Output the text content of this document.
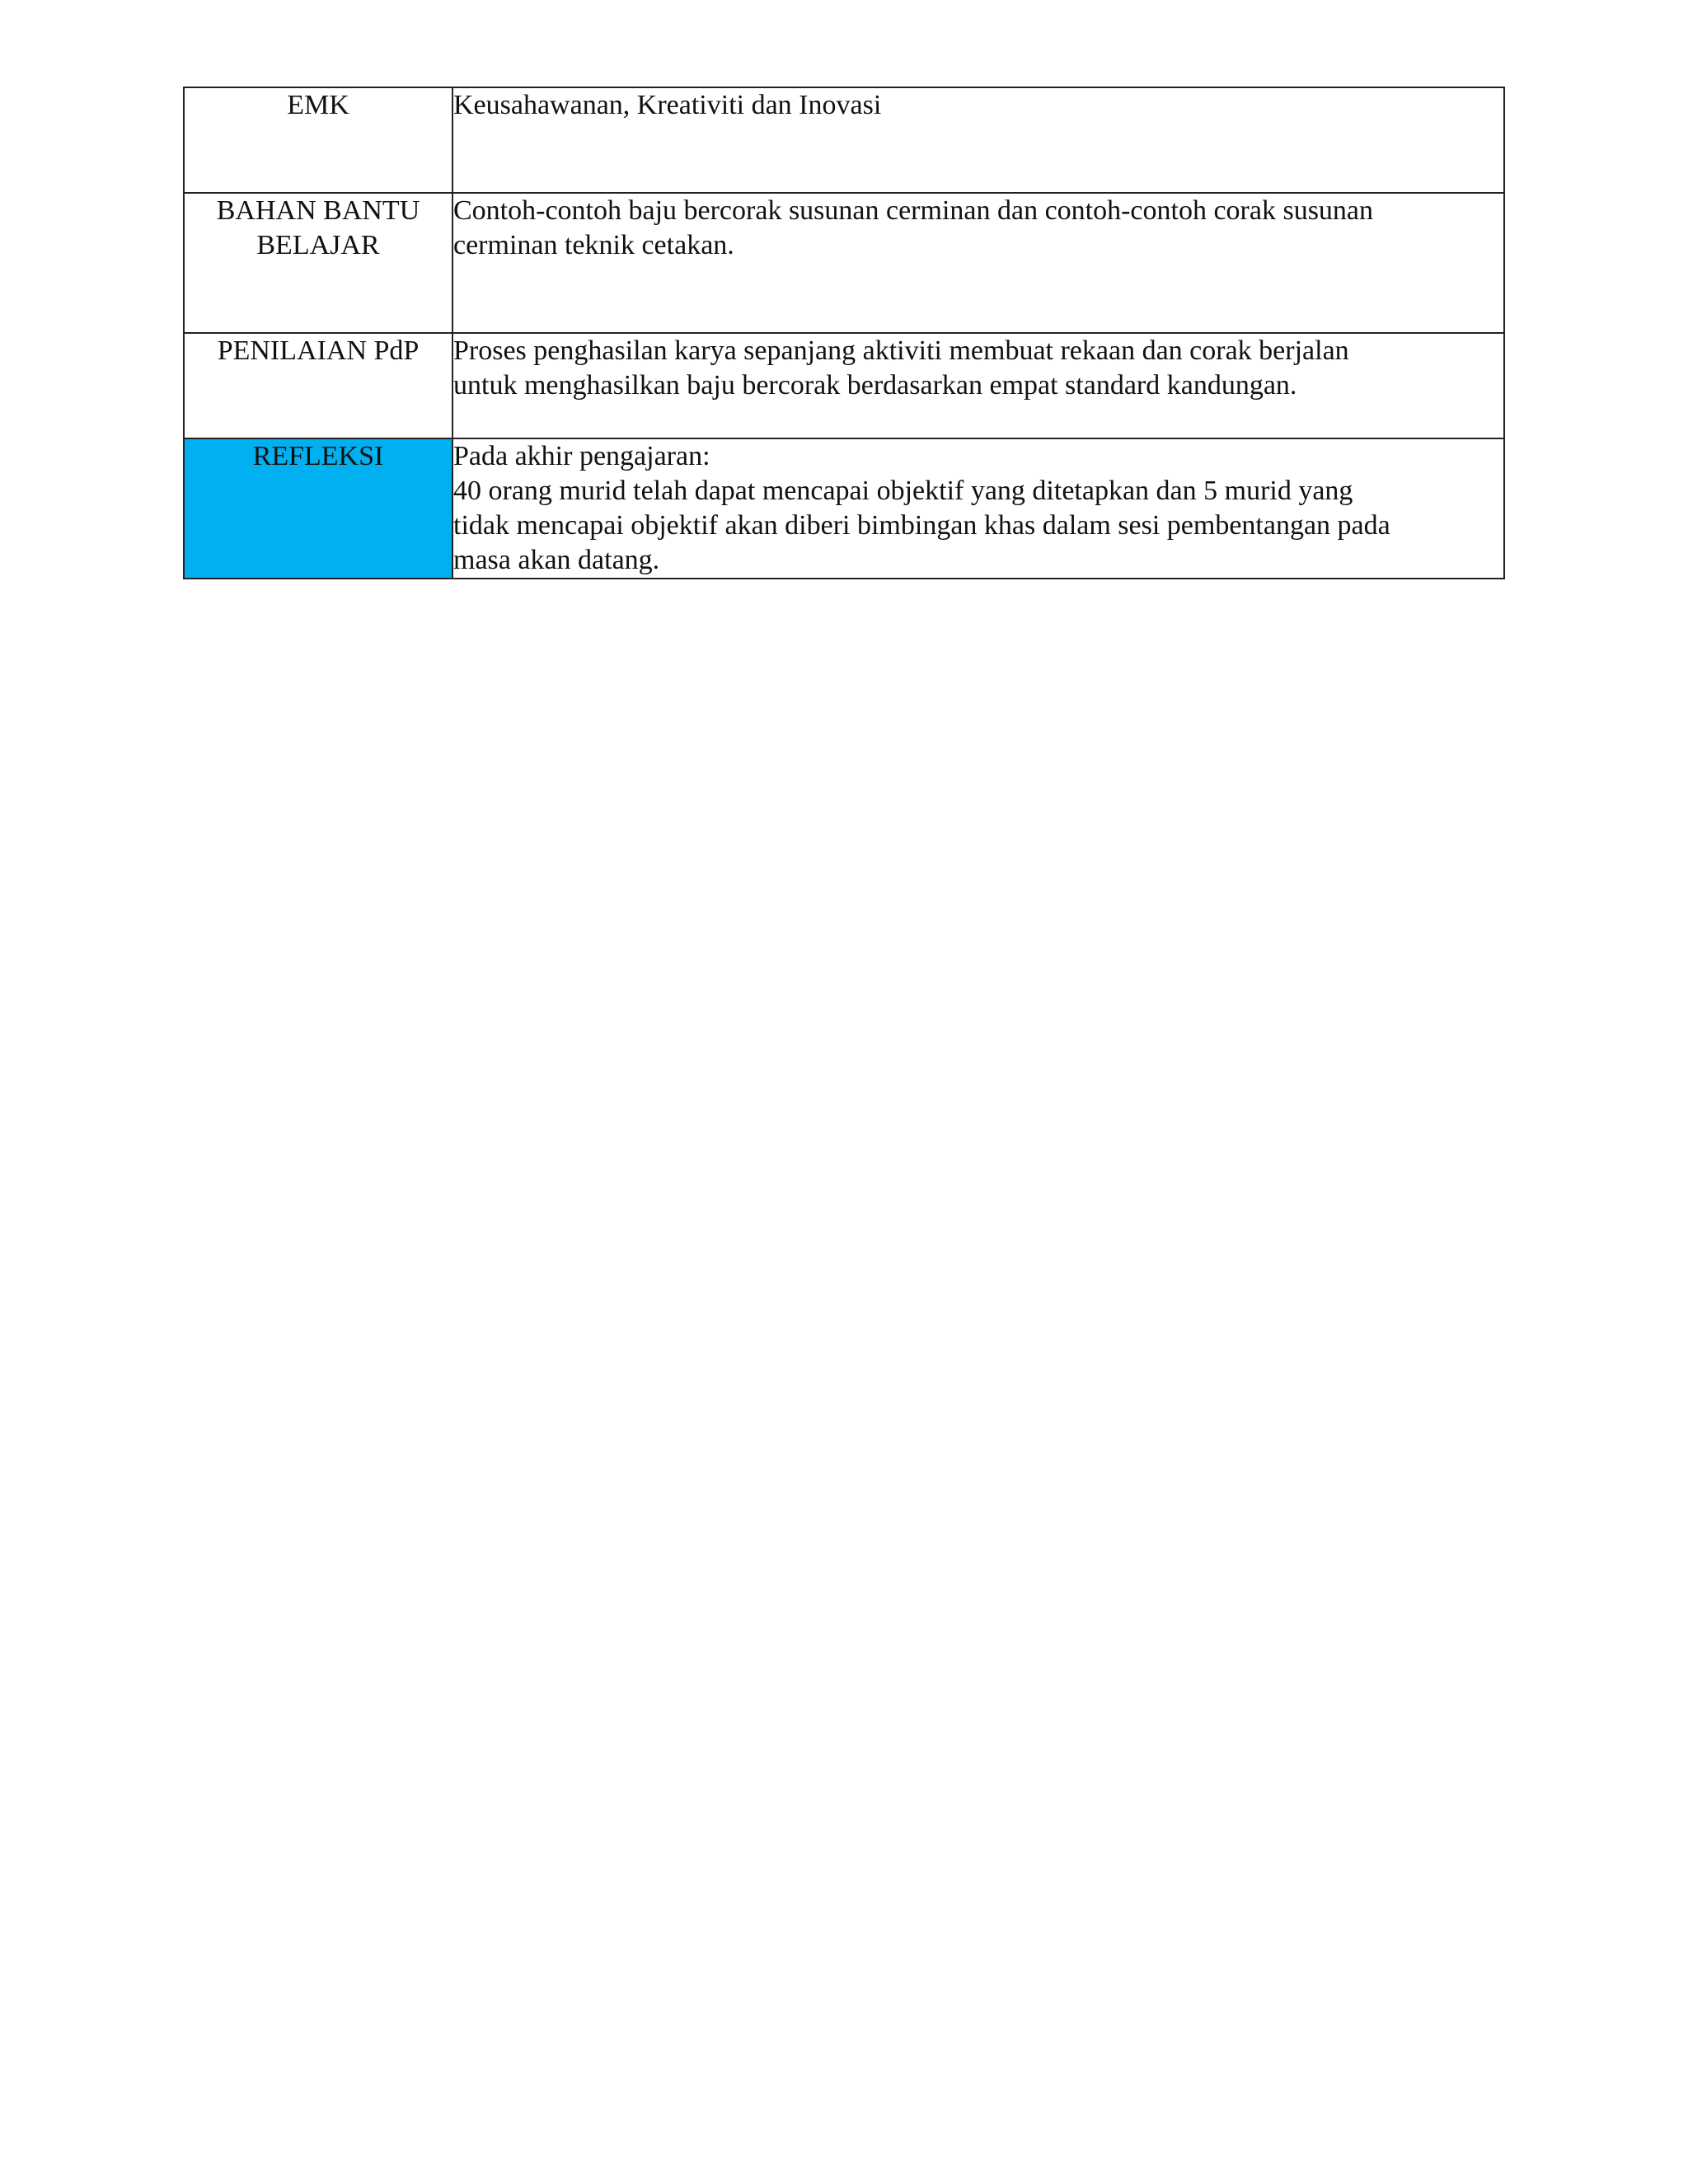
EMK	Keusahawanan, Kreativiti dan Inovasi

BAHAN BANTU
BELAJAR	Contoh-contoh baju bercorak susunan cerminan dan contoh-contoh corak susunan
cerminan teknik cetakan.

PENILAIAN PdP	Proses penghasilan karya sepanjang aktiviti membuat rekaan dan corak berjalan
untuk menghasilkan baju bercorak berdasarkan empat standard kandungan.

REFLEKSI	Pada akhir pengajaran:
40 orang murid telah dapat mencapai objektif yang ditetapkan dan 5 murid yang
tidak mencapai objektif akan diberi bimbingan khas dalam sesi pembentangan pada
masa akan datang.
